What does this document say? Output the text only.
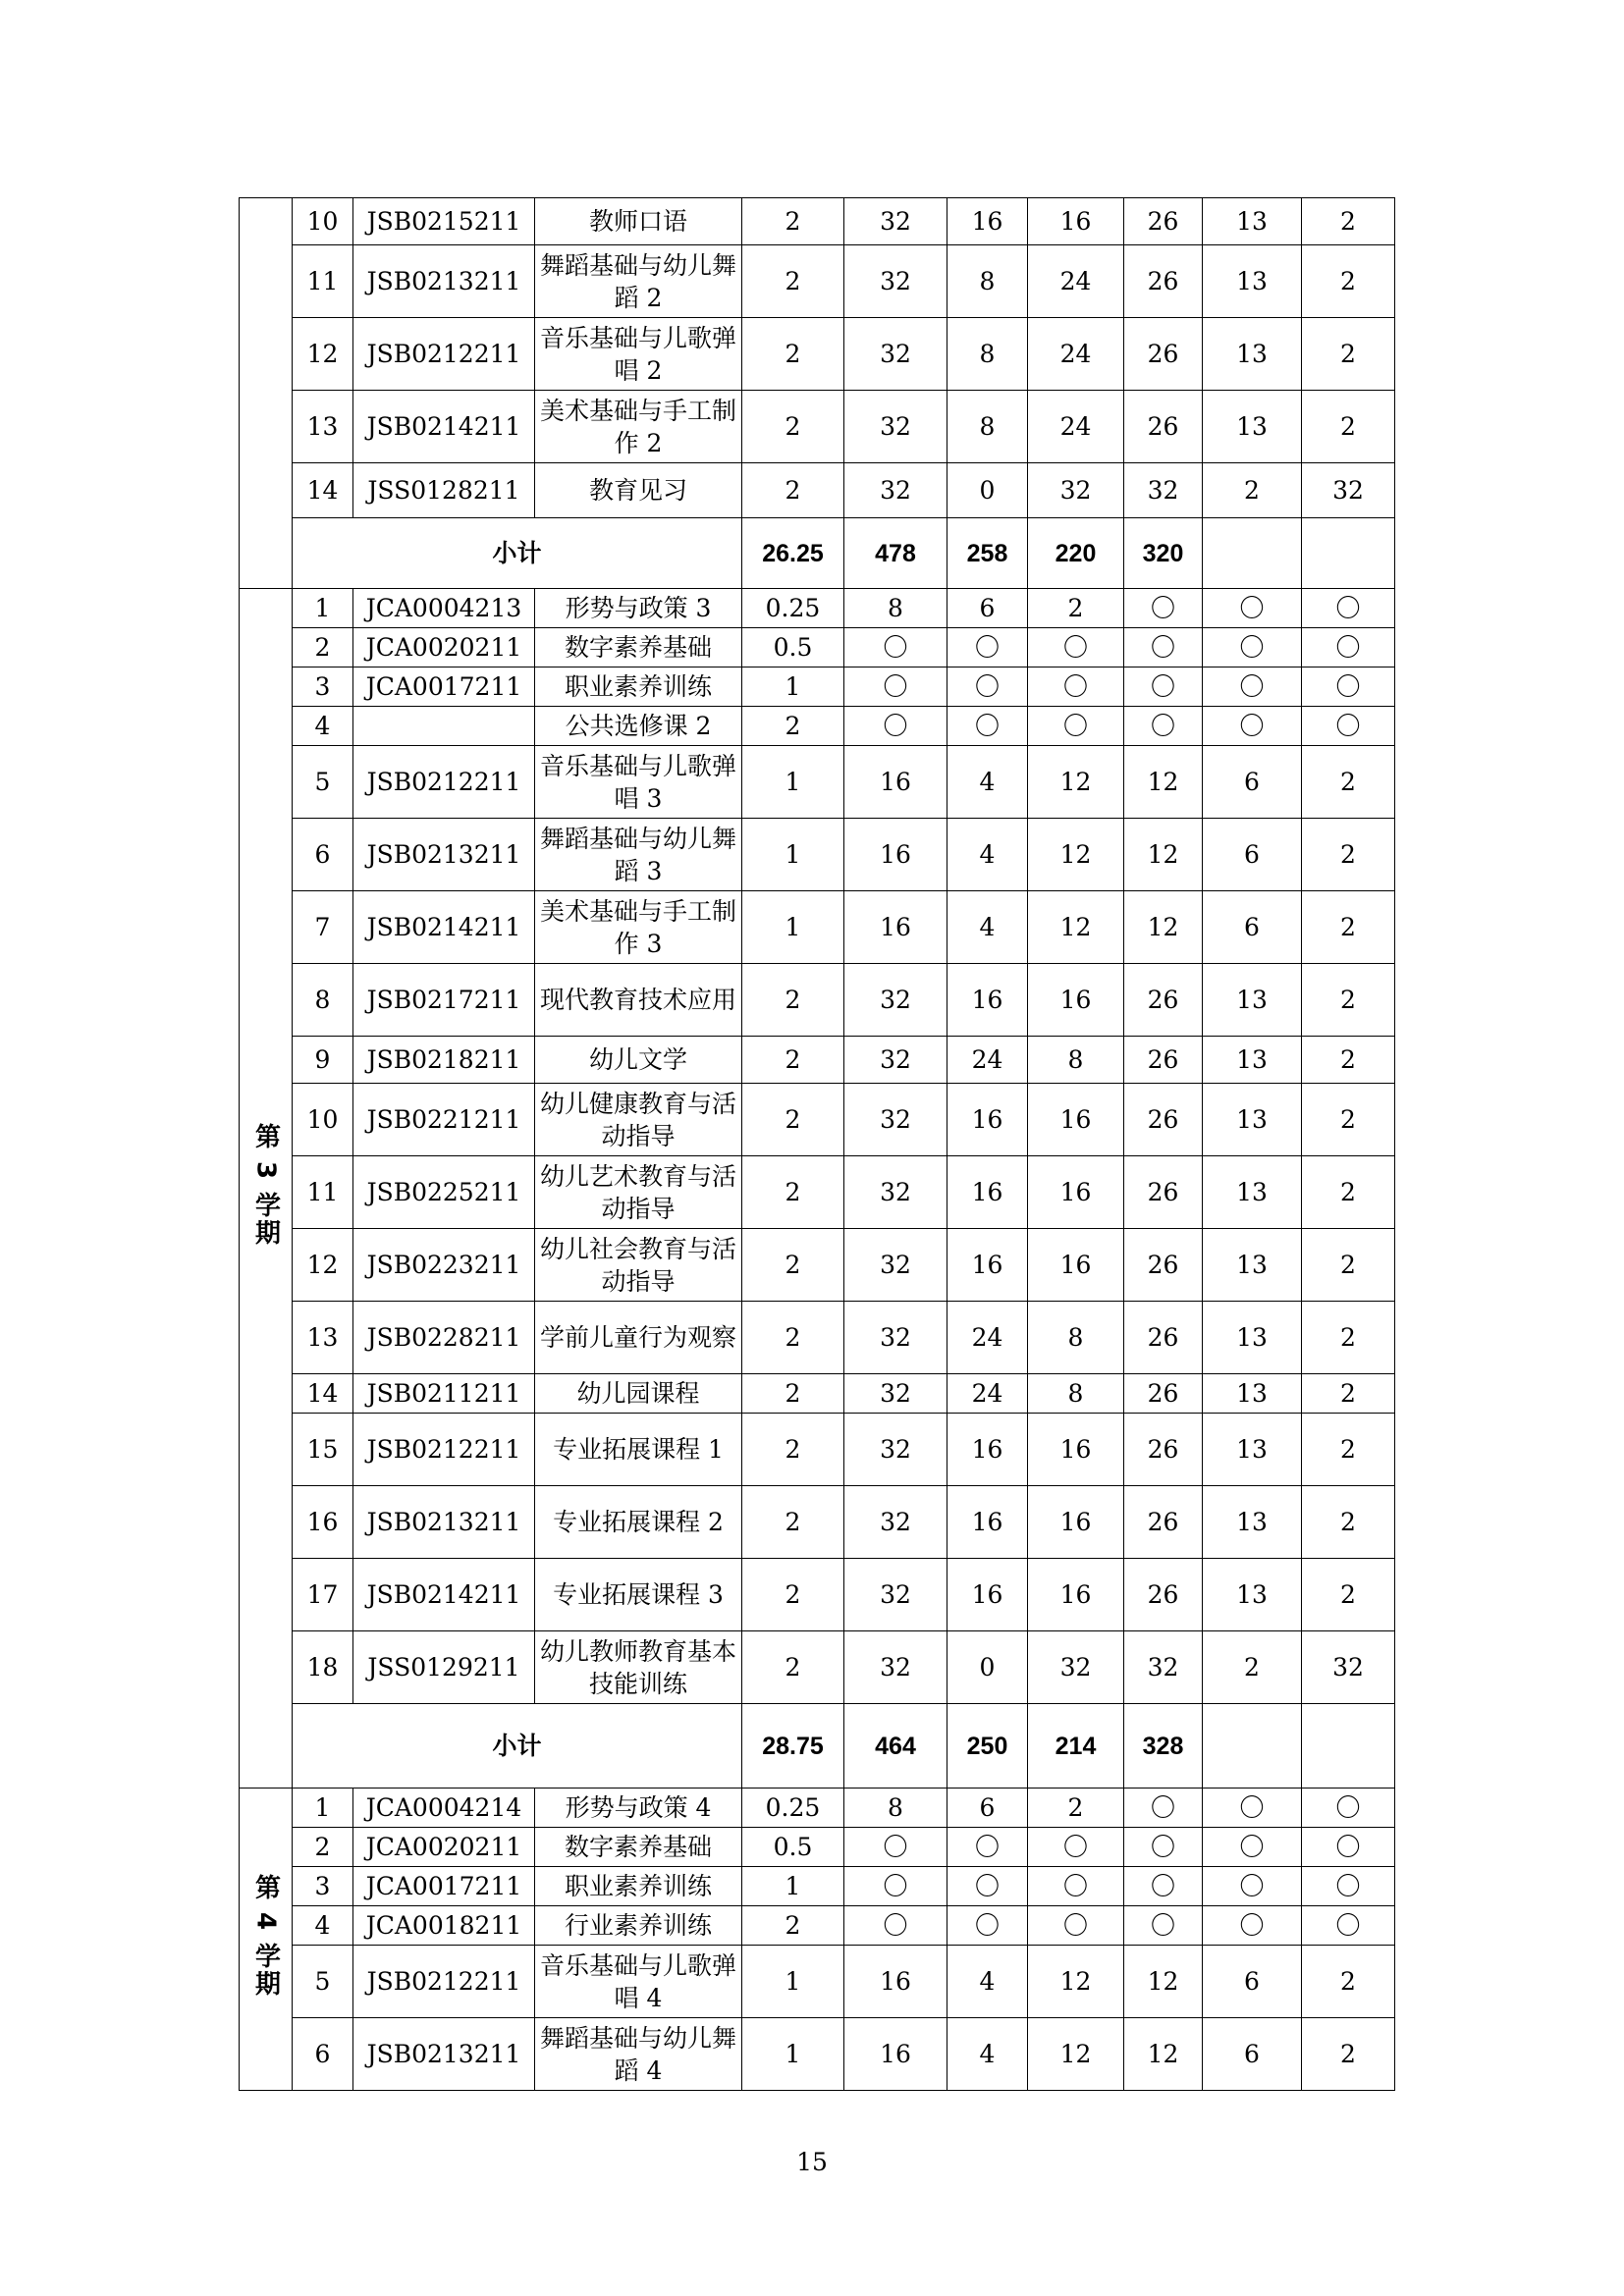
	10	JSB0215211	教师口语	2	32	16	16	26	13	2
	11	JSB0213211	舞蹈基础与幼儿舞蹈 2	2	32	8	24	26	13	2
	12	JSB0212211	音乐基础与儿歌弹唱 2	2	32	8	24	26	13	2
	13	JSB0214211	美术基础与手工制作 2	2	32	8	24	26	13	2
	14	JSS0128211	教育见习	2	32	0	32	32	2	32
	小计			26.25	478	258	220	320		
第 3 学期	1	JCA0004213	形势与政策 3	0.25	8	6	2	〇	〇	〇
	2	JCA0020211	数字素养基础	0.5	〇	〇	〇	〇	〇	〇
	3	JCA0017211	职业素养训练	1	〇	〇	〇	〇	〇	〇
	4		公共选修课 2	2	〇	〇	〇	〇	〇	〇
	5	JSB0212211	音乐基础与儿歌弹唱 3	1	16	4	12	12	6	2
	6	JSB0213211	舞蹈基础与幼儿舞蹈 3	1	16	4	12	12	6	2
	7	JSB0214211	美术基础与手工制作 3	1	16	4	12	12	6	2
	8	JSB0217211	现代教育技术应用	2	32	16	16	26	13	2
	9	JSB0218211	幼儿文学	2	32	24	8	26	13	2
	10	JSB0221211	幼儿健康教育与活动指导	2	32	16	16	26	13	2
	11	JSB0225211	幼儿艺术教育与活动指导	2	32	16	16	26	13	2
	12	JSB0223211	幼儿社会教育与活动指导	2	32	16	16	26	13	2
	13	JSB0228211	学前儿童行为观察	2	32	24	8	26	13	2
	14	JSB0211211	幼儿园课程	2	32	24	8	26	13	2
	15	JSB0212211	专业拓展课程 1	2	32	16	16	26	13	2
	16	JSB0213211	专业拓展课程 2	2	32	16	16	26	13	2
	17	JSB0214211	专业拓展课程 3	2	32	16	16	26	13	2
	18	JSS0129211	幼儿教师教育基本技能训练	2	32	0	32	32	2	32
	小计			28.75	464	250	214	328		
第 4 学期	1	JCA0004214	形势与政策 4	0.25	8	6	2	〇	〇	〇
	2	JCA0020211	数字素养基础	0.5	〇	〇	〇	〇	〇	〇
	3	JCA0017211	职业素养训练	1	〇	〇	〇	〇	〇	〇
	4	JCA0018211	行业素养训练	2	〇	〇	〇	〇	〇	〇
	5	JSB0212211	音乐基础与儿歌弹唱 4	1	16	4	12	12	6	2
	6	JSB0213211	舞蹈基础与幼儿舞蹈 4	1	16	4	12	12	6	2
15
